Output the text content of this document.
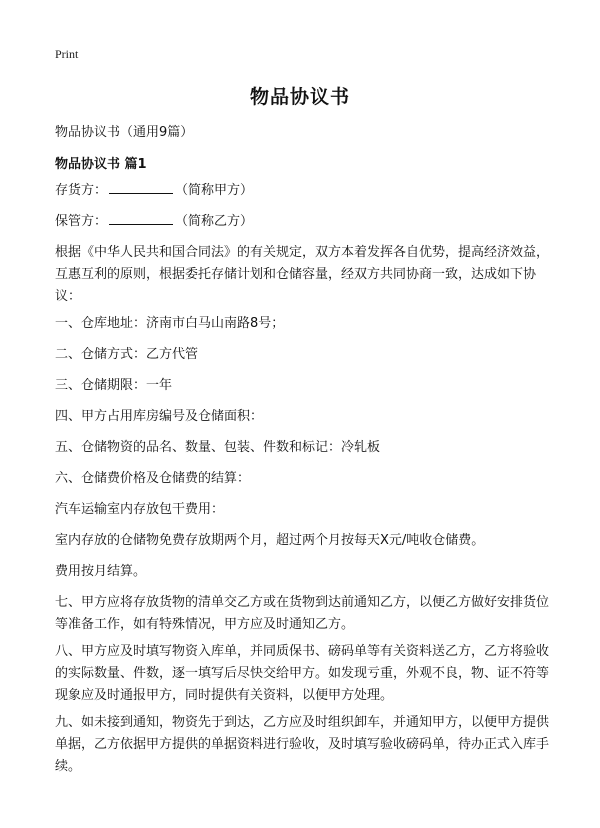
Print
物品协议书
物品协议书（通用9篇）
物品协议书 篇1
存货方：	（简称甲方）
保管方：	（简称乙方）
根据《中华人民共和国合同法》的有关规定，双方本着发挥各自优势，提高经济效益，互惠互利的原则，根据委托存储计划和仓储容量，经双方共同协商一致，达成如下协议：
一、仓库地址：济南市白马山南路8号；
二、仓储方式：乙方代管
三、仓储期限：一年
四、甲方占用库房编号及仓储面积：
五、仓储物资的品名、数量、包装、件数和标记：冷轧板
六、仓储费价格及仓储费的结算：
汽车运输室内存放包干费用：
室内存放的仓储物免费存放期两个月，超过两个月按每天X元/吨收仓储费。
费用按月结算。
七、甲方应将存放货物的清单交乙方或在货物到达前通知乙方，以便乙方做好安排货位等准备工作，如有特殊情况，甲方应及时通知乙方。
八、甲方应及时填写物资入库单，并同质保书、磅码单等有关资料送乙方，乙方将验收的实际数量、件数，逐一填写后尽快交给甲方。如发现亏重，外观不良，物、证不符等现象应及时通报甲方，同时提供有关资料，以便甲方处理。
九、如未接到通知，物资先于到达，乙方应及时组织卸车，并通知甲方，以便甲方提供单据，乙方依据甲方提供的单据资料进行验收，及时填写验收磅码单，待办正式入库手续。
